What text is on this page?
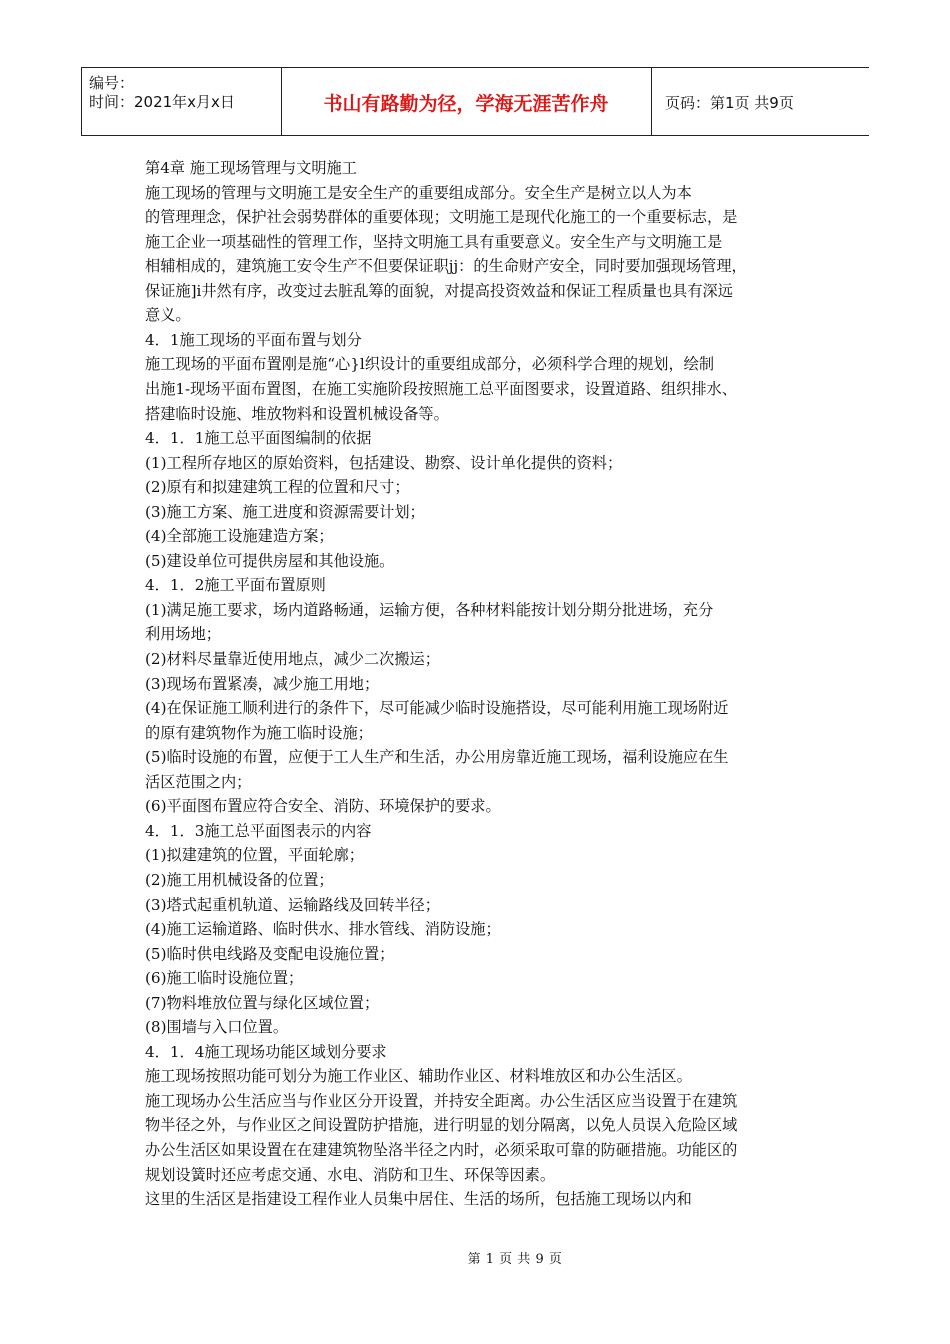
编号：
时间：2021年x月x日	书山有路勤为径，学海无涯苦作舟	页码：第1页 共9页
第4章 施工现场管理与文明施工
施工现场的管理与文明施工是安全生产的重要组成部分。安全生产是树立以人为本
的管理理念，保护社会弱势群体的重要体现；文明施工是现代化施工的一个重要标志，是
施工企业一项基础性的管理工作，坚持文明施工具有重要意义。安全生产与文明施工是
相辅相成的，建筑施工安令生产不但要保证职jj：的生命财产安全，同时要加强现场管理，
保证施]i井然有序，改变过去脏乱筹的面貌，对提高投资效益和保证工程质量也具有深远
意义。
4．1施工现场的平面布置与划分
施工现场的平面布置刚是施“心}l织设计的重要组成部分，必须科学合理的规划，绘制
出施1-现场平面布置图，在施工实施阶段按照施工总平面图要求，设置道路、组织排水、
搭建临时设施、堆放物料和设置机械设备等。
4．1．1施工总平面图编制的依据
(1)工程所存地区的原始资料，包括建设、勘察、设计单化提供的资料；
(2)原有和拟建建筑工程的位置和尺寸；
(3)施工方案、施工进度和资源需要计划；
(4)全部施工设施建造方案；
(5)建设单位可提供房屋和其他设施。
4．1．2施工平面布置原则
(1)满足施工要求，场内道路畅通，运输方便，各种材料能按计划分期分批进场，充分
利用场地；
(2)材料尽量靠近使用地点，减少二次搬运；
(3)现场布置紧凑，减少施工用地；
(4)在保证施工顺利进行的条件下，尽可能减少临时设施搭设，尽可能利用施工现场附近
的原有建筑物作为施工临时设施；
(5)临时设施的布置，应便于工人生产和生活，办公用房靠近施工现场，福利设施应在生
活区范围之内；
(6)平面图布置应符合安全、消防、环境保护的要求。
4．1．3施工总平面图表示的内容
(1)拟建建筑的位置，平面轮廓；
(2)施工用机械设备的位置；
(3)塔式起重机轨道、运输路线及回转半径；
(4)施工运输道路、临时供水、排水管线、消防设施；
(5)临时供电线路及变配电设施位置；
(6)施工临时设施位置；
(7)物料堆放位置与绿化区域位置；
(8)围墙与入口位置。
4．1．4施工现场功能区域划分要求
施工现场按照功能可划分为施工作业区、辅助作业区、材料堆放区和办公生活区。
施工现场办公生活应当与作业区分开设置，并持安全距离。办公生活区应当设置于在建筑
物半径之外，与作业区之间设置防护措施，进行明显的划分隔离，以免人员误入危险区域
办公生活区如果设置在在建建筑物坠洛半径之内时，必须采取可靠的防砸措施。功能区的
规划设簧时还应考虑交通、水电、消防和卫生、环保等因素。
这里的生活区是指建设工程作业人员集中居住、生活的场所，包括施工现场以内和
第 1 页 共 9 页
